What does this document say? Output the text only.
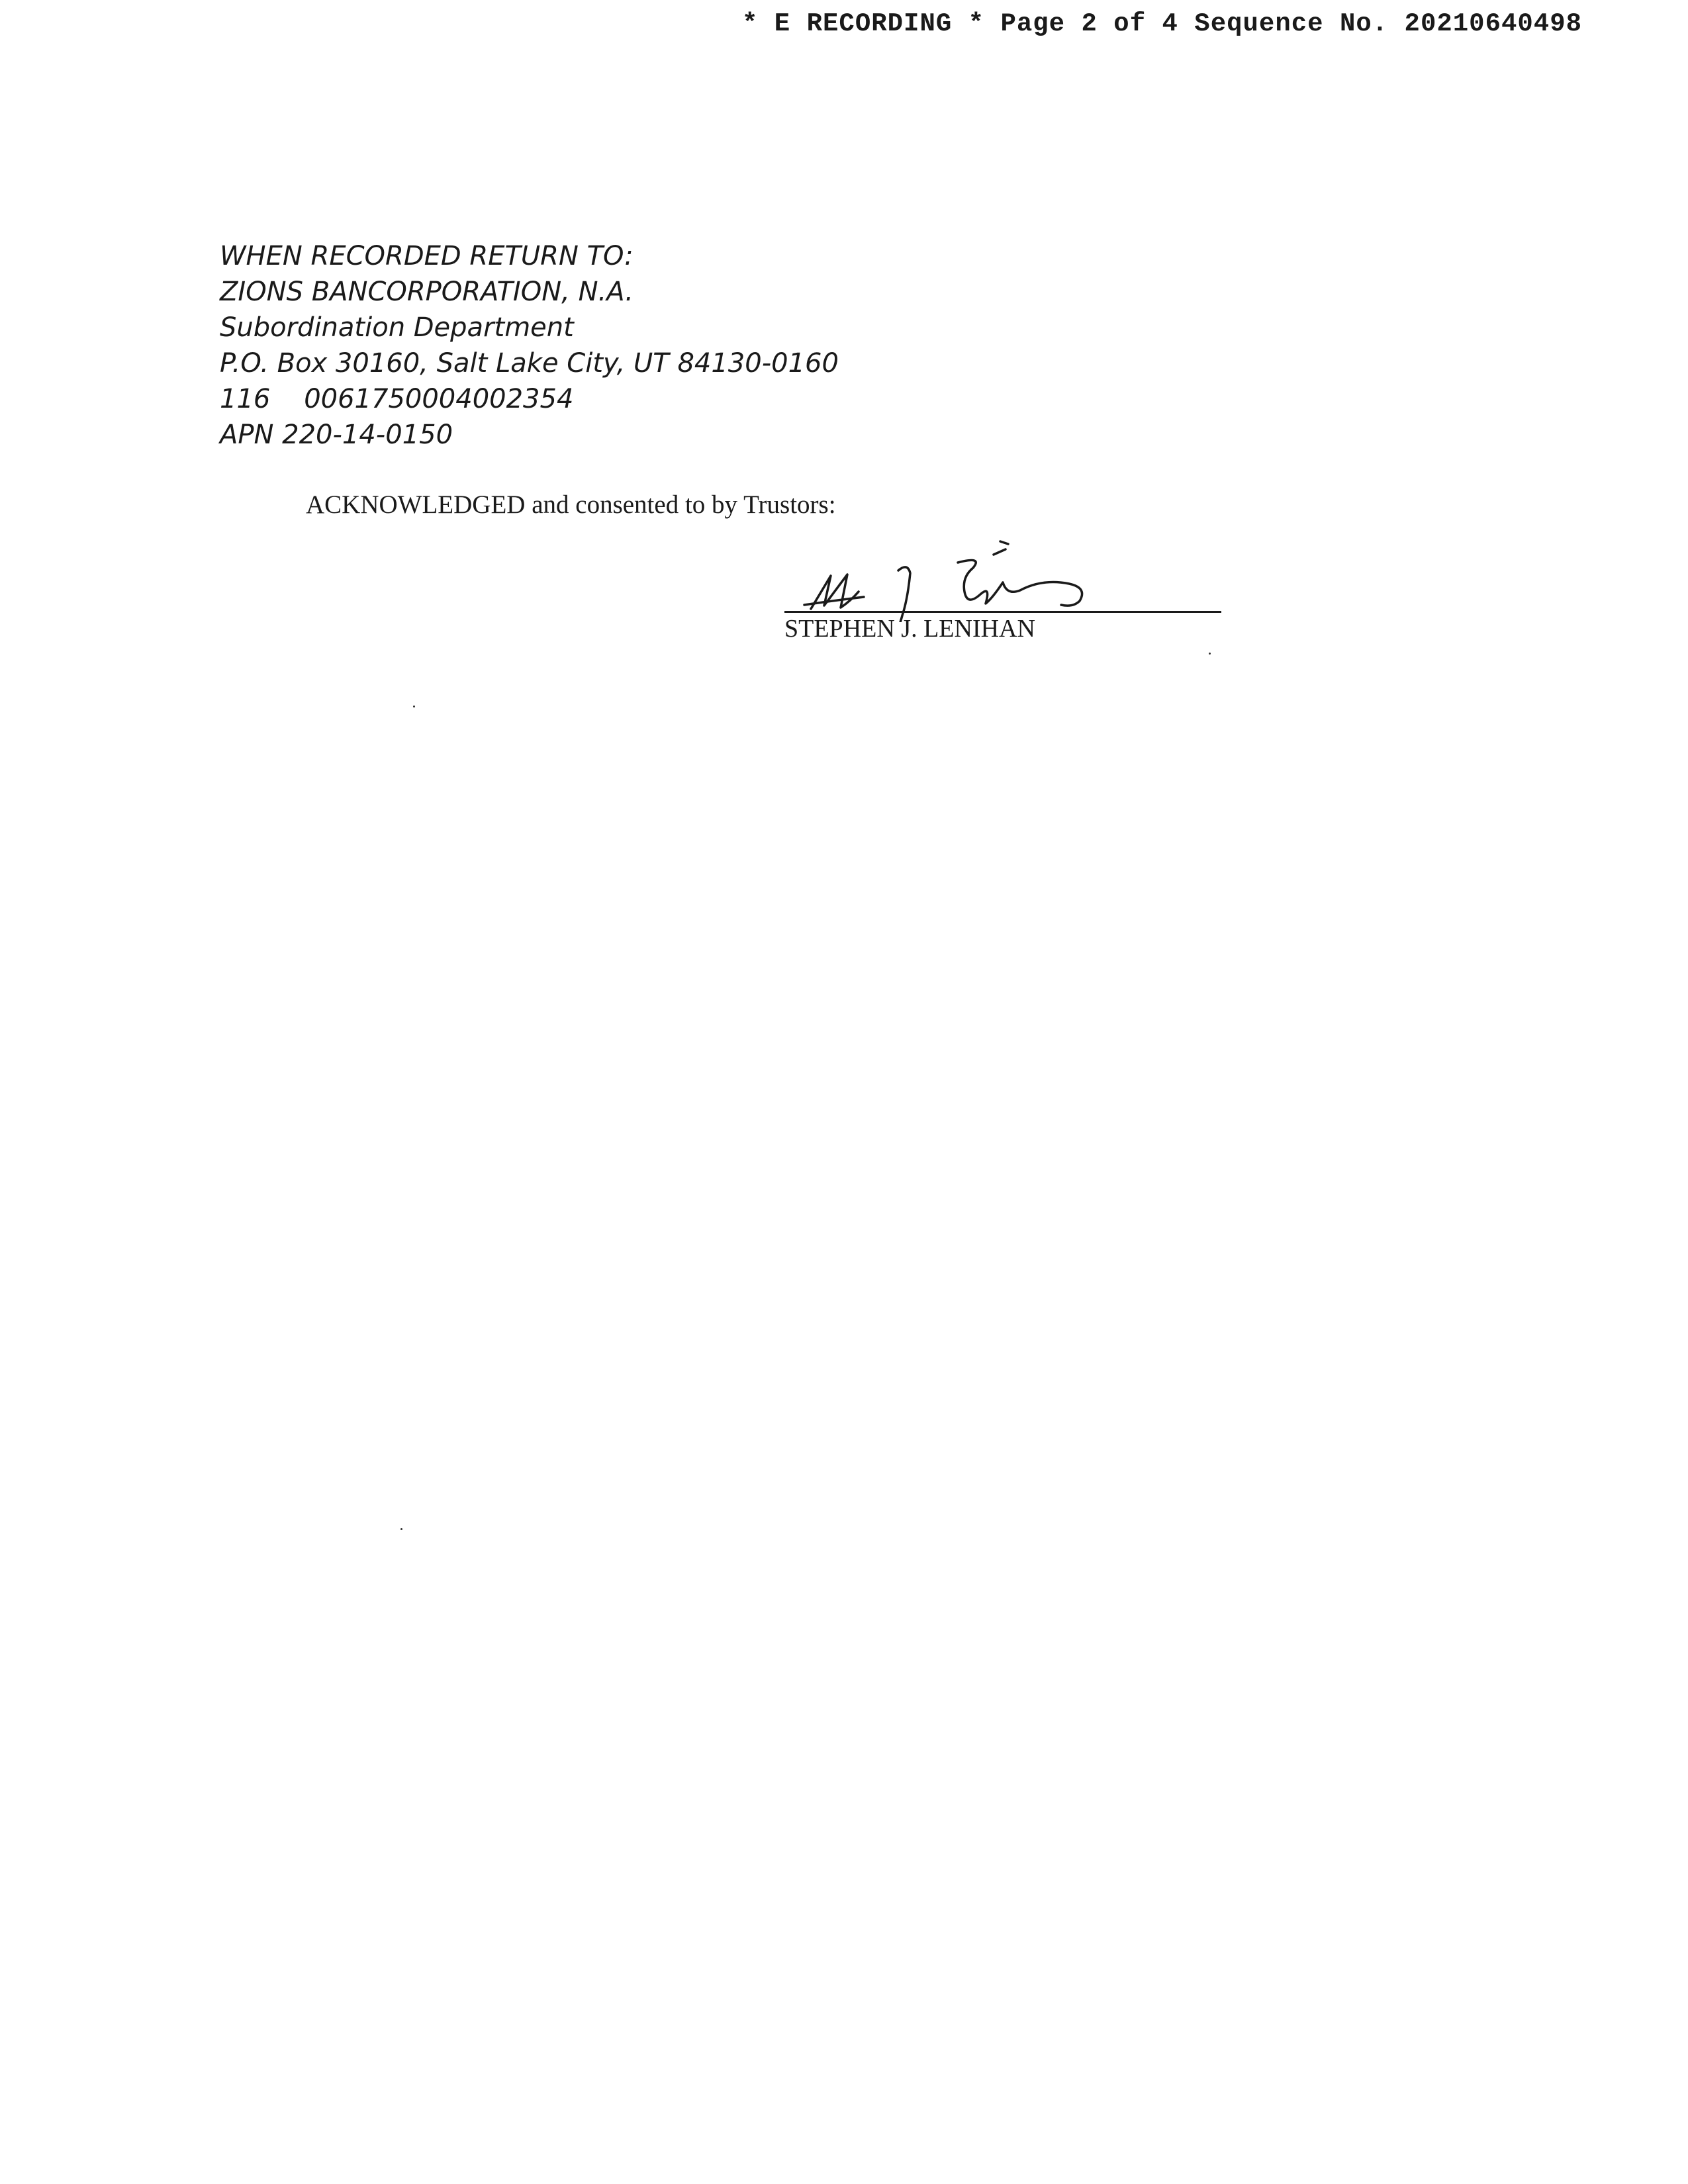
* E RECORDING * Page 2 of 4 Sequence No. 20210640498
WHEN RECORDED RETURN TO:
ZIONS BANCORPORATION, N.A.
Subordination Department
P.O. Box 30160, Salt Lake City, UT 84130-0160
116    0061750004002354
APN 220-14-0150
ACKNOWLEDGED and consented to by Trustors:
STEPHEN J. LENIHAN
